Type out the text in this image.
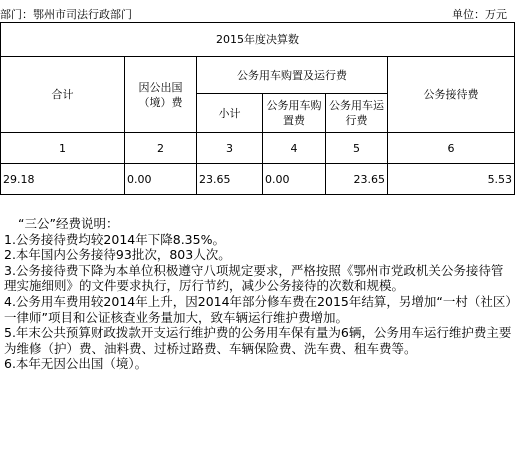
部门：鄂州市司法行政部门	单位：万元
2015年度决算数					
合计	因公出国（境）费	公务用车购置及运行费			公务接待费
		小计	公务用车购置费	公务用车运行费	
1	2	3	4	5	6
29.18	0.00	23.65	0.00	23.65	5.53

“三公”经费说明：

1.公务接待费均较2014年下降8.35%。

2.本年国内公务接待93批次，803人次。

3.公务接待费下降为本单位积极遵守八项规定要求，严格按照《鄂州市党政机关公务接待管理实施细则》的文件要求执行，厉行节约，减少公务接待的次数和规模。

4.公务用车费用较2014年上升，因2014年部分修车费在2015年结算，另增加“一村（社区）一律师”项目和公证核查业务量加大，致车辆运行维护费增加。

5.年末公共预算财政拨款开支运行维护费的公务用车保有量为6辆，公务用车运行维护费主要为维修（护）费、油料费、过桥过路费、车辆保险费、洗车费、租车费等。

6.本年无因公出国（境）。
